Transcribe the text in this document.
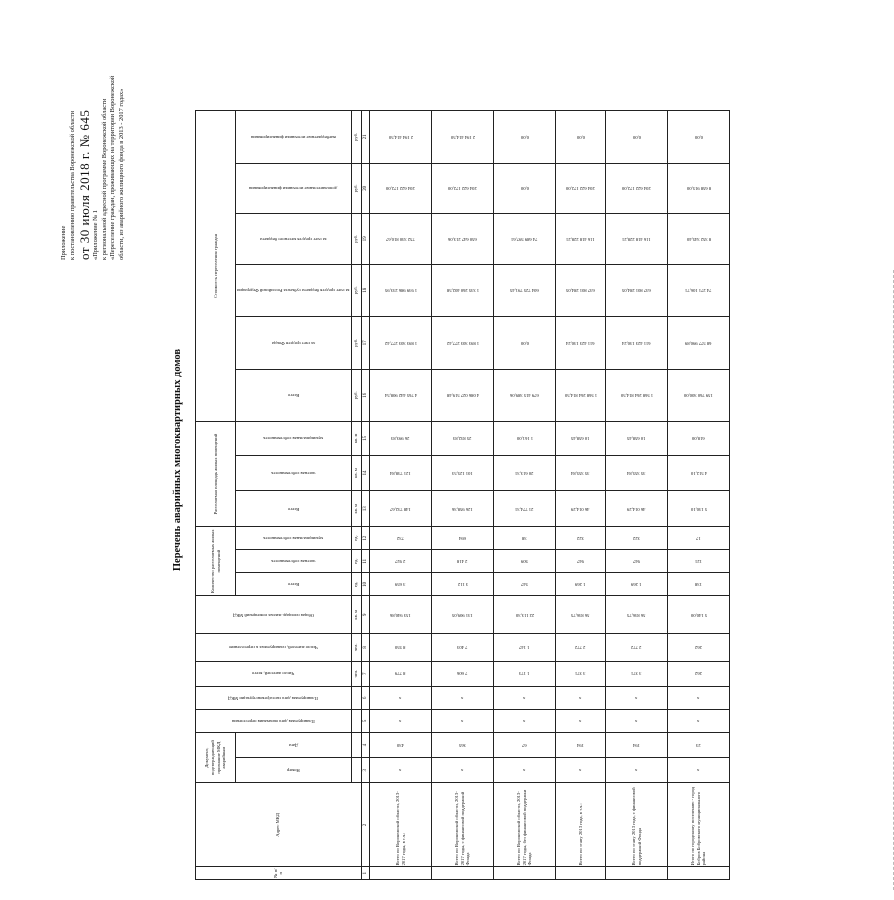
Приложение к постановлению правительства Воронежской области от 30 июля 2018 г. № 645 «Приложение № 1 к региональной адресной программе Воронежской области «Переселение граждан, проживающих на территории Воронежской области, из аварийного жилищного фонда в 2013 - 2017 годах»
Перечень аварийных многоквартирных домов
№ п/п	Адрес МКД	Документ, подтверждающий признание МКД аварийным		Планируемая дата окончания переселения	Планируемая дата сноса/реконструкции МКД	Число жителей, всего	Число жителей, планируемых к переселению	Общая площадь жилых помещений МКД	Количество расселяемых жилых помещений			Расселяемая площадь жилых помещений			Стоимость переселения граждан					

		Номер	Дата						Всего	частная собственность	муниципальная собственность	Всего	частная собственность	муниципальная собственность	Всего	за счет средств Фонда	за счет средств бюджета субъекта Российской Федерации	за счет средств местного бюджета	дополнительные источники финансирования	внебюджетные источники финансирования

						чел.	чел.	кв. м	ед.	ед.	ед.	кв. м	кв. м	кв. м	руб.	руб.	руб.	руб.	руб.	руб.
1	2	3	4	5	6	7	8	9	10	11	12	13	14	15	16	17	18	19	20	21
	Всего по Воронежской области, 2013-2017 годы, в т.ч.:	x	430	x	x	8 779	8 550	153 940,86	3 659	2 927	732	148 732,67	121 738,84	26 993,83	4 765 442 908,54	1 893 303 277,42	1 939 986 233,95	752 330 810,67	204 622 172,00	2 194 414,50

	Всего по Воронежской области, 2013-2017 годы, с финансовой поддержкой Фонда	x	365	x	x	7 606	7 403	131 909,05	3 112	2 418	694	126 958,36	101 125,53	25 832,83	4 086 027 519,48	1 893 303 277,42	1 335 260 402,58	650 647 213,06	204 622 172,00	2 194 414,50

	Всего по Воронежской области, 2013-2017 годы, без финансовой поддержки Фонда	x	67	x	x	1 173	1 147	22 113,30	547	509	38	21 774,31	20 613,31	1 161,00	679 415 389,06	0,00	604 725 791,45	74 689 597,61	0,00	0,00

	Всего по этапу 2013 года, в т.ч.:	x	194	x	x	3 371	2 772	56 836,75	1 269	947	322	46 014,29	35 355,84	10 658,45	1 568 264 814,50	611 423 130,24	637 801 284,05	116 418 228,21	204 622 172,00	0,00

	Всего по этапу 2013 года, с финансовой поддержкой Фонда	x	194	x	x	3 371	2 772	56 836,75	1 269	947	322	46 014,29	35 355,84	10 658,45	1 568 264 814,50	611 423 130,24	637 801 284,05	116 418 228,21	204 622 172,00	0,00

	Итого по городскому поселению - город Бобров Бобровского муниципального района	x	23	x	x	262	262	5 140,00	138	121	17	5 130,10	4 512,10	618,00	159 760 300,00	68 577 990,89	74 271 106,71	8 352 345,40	8 658 915,00	0,00
